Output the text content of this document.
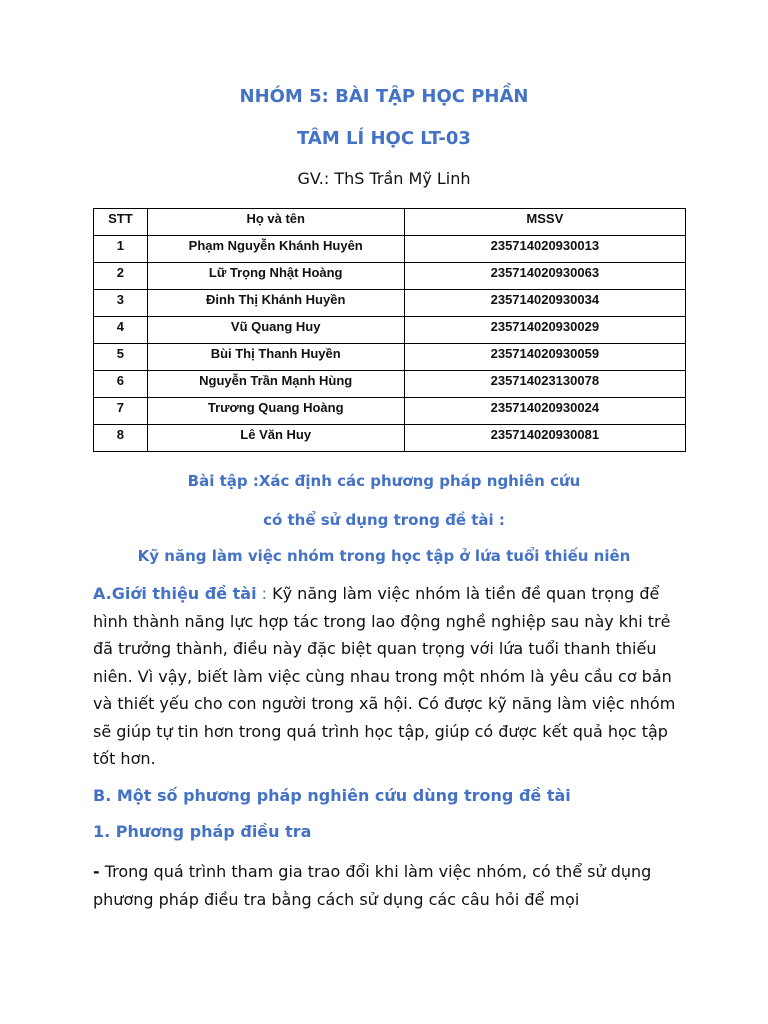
NHÓM 5: BÀI TẬP HỌC PHẦN
TÂM LÍ HỌC LT-03
GV.: ThS Trần Mỹ Linh
STT	Họ và tên	MSSV
1	Phạm Nguyễn Khánh Huyên	235714020930013
2	Lữ Trọng Nhật Hoàng	235714020930063
3	Đinh Thị Khánh Huyền	235714020930034
4	Vũ Quang Huy	235714020930029
5	Bùi Thị Thanh Huyền	235714020930059
6	Nguyễn Trần Mạnh Hùng	235714023130078
7	Trương Quang Hoàng	235714020930024
8	Lê Văn Huy	235714020930081
Bài tập :Xác định các phương pháp nghiên cứu
có thể sử dụng trong đề tài :
Kỹ năng làm việc nhóm trong học tập ở lứa tuổi thiếu niên
A.Giới thiệu đề tài : Kỹ năng làm việc nhóm là tiền đề quan trọng để hình thành năng lực hợp tác trong lao động nghề nghiệp sau này khi trẻ đã trưởng thành, điều này đặc biệt quan trọng với lứa tuổi thanh thiếu niên. Vì vậy, biết làm việc cùng nhau trong một nhóm là yêu cầu cơ bản và thiết yếu cho con người trong xã hội. Có được kỹ năng làm việc nhóm sẽ giúp tự tin hơn trong quá trình học tập, giúp có được kết quả học tập tốt hơn.
B. Một số phương pháp nghiên cứu dùng trong đề tài
1. Phương pháp điều tra
- Trong quá trình tham gia trao đổi khi làm việc nhóm, có thể sử dụng phương pháp điều tra bằng cách sử dụng các câu hỏi để mọi
